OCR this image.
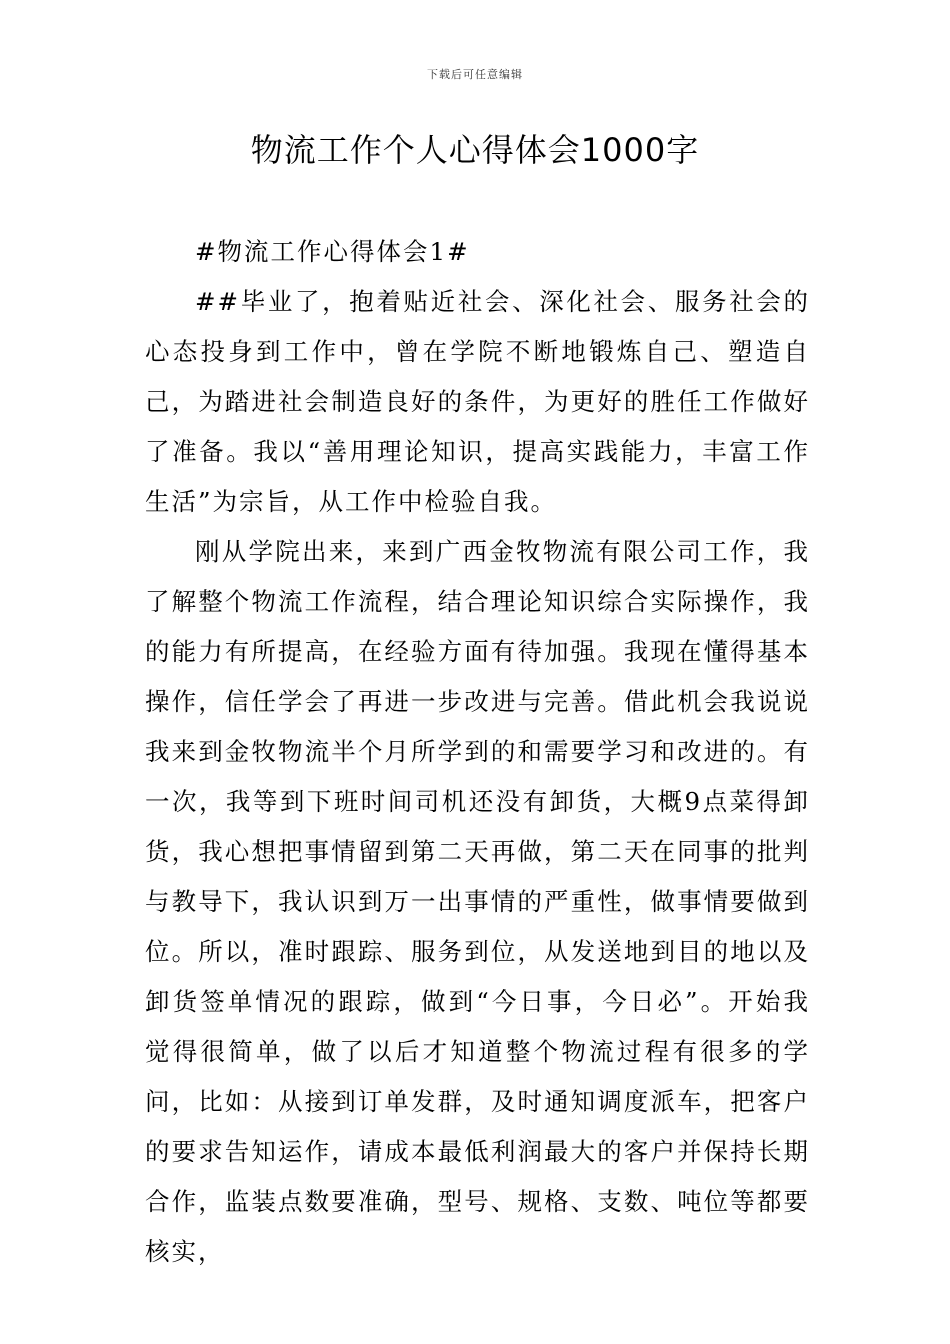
下载后可任意编辑
物流工作个人心得体会1000字

#物流工作心得体会1#

##毕业了，抱着贴近社会、深化社会、服务社会的心态投身到工作中，曾在学院不断地锻炼自己、塑造自己，为踏进社会制造良好的条件，为更好的胜任工作做好了准备。我以“善用理论知识，提高实践能力，丰富工作生活”为宗旨，从工作中检验自我。

刚从学院出来，来到广西金牧物流有限公司工作，我了解整个物流工作流程，结合理论知识综合实际操作，我的能力有所提高，在经验方面有待加强。我现在懂得基本操作，信任学会了再进一步改进与完善。借此机会我说说我来到金牧物流半个月所学到的和需要学习和改进的。有一次，我等到下班时间司机还没有卸货，大概9点菜得卸货，我心想把事情留到第二天再做，第二天在同事的批判与教导下，我认识到万一出事情的严重性，做事情要做到位。所以，准时跟踪、服务到位，从发送地到目的地以及卸货签单情况的跟踪，做到“今日事，今日必”。开始我觉得很简单，做了以后才知道整个物流过程有很多的学问，比如：从接到订单发群，及时通知调度派车，把客户的要求告知运作，请成本最低利润最大的客户并保持长期合作，监装点数要准确，型号、规格、支数、吨位等都要核实，
